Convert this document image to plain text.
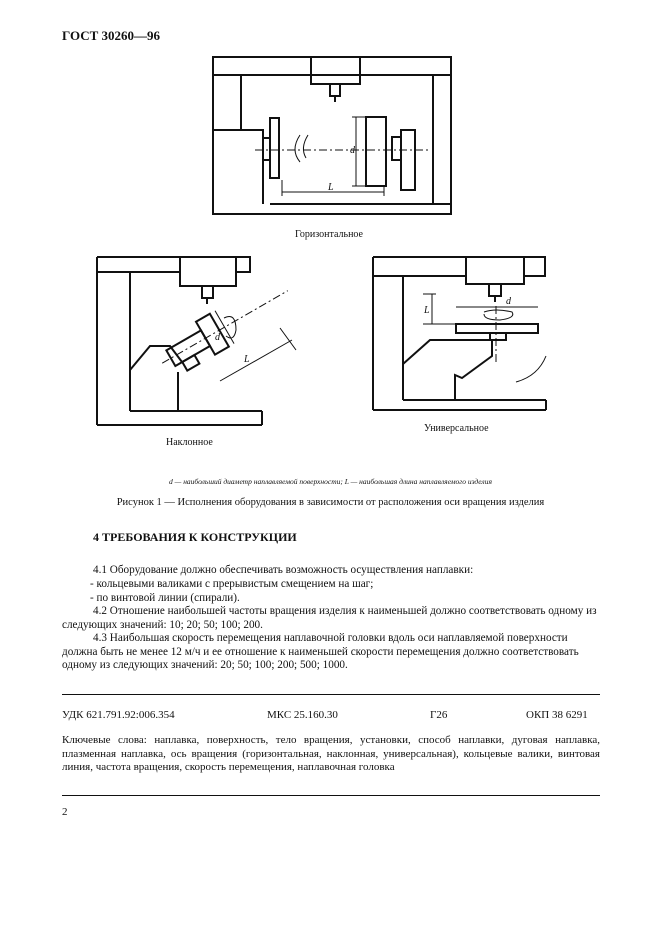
ГОСТ 30260—96
d
L
Горизонтальное
d
L
Наклонное
d
L
Универсальное
d — наибольший диаметр наплавляемой поверхности; L — наибольшая длина наплавляемого изделия
Рисунок 1 — Исполнения оборудования в зависимости от расположения оси вращения изделия
4 ТРЕБОВАНИЯ К КОНСТРУКЦИИ
4.1 Оборудование должно обеспечивать возможность осуществления наплавки:
- кольцевыми валиками с прерывистым смещением на шаг;
- по винтовой линии (спирали).
4.2 Отношение наибольшей частоты вращения изделия к наименьшей должно соответствовать одному из следующих значений: 10; 20; 50; 100; 200.
4.3 Наибольшая скорость перемещения наплавочной головки вдоль оси наплавляемой поверхности должна быть не менее 12 м/ч и ее отношение к наименьшей скорости перемещения должно соответствовать одному из следующих значений: 20; 50; 100; 200; 500; 1000.
УДК 621.791.92:006.354	МКС 25.160.30	Г26	ОКП 38 6291
Ключевые слова: наплавка, поверхность, тело вращения, установки, способ наплавки, дуговая наплавка, плазменная наплавка, ось вращения (горизонтальная, наклонная, универсальная), кольцевые валики, винтовая линия, частота вращения, скорость перемещения, наплавочная головка
2
